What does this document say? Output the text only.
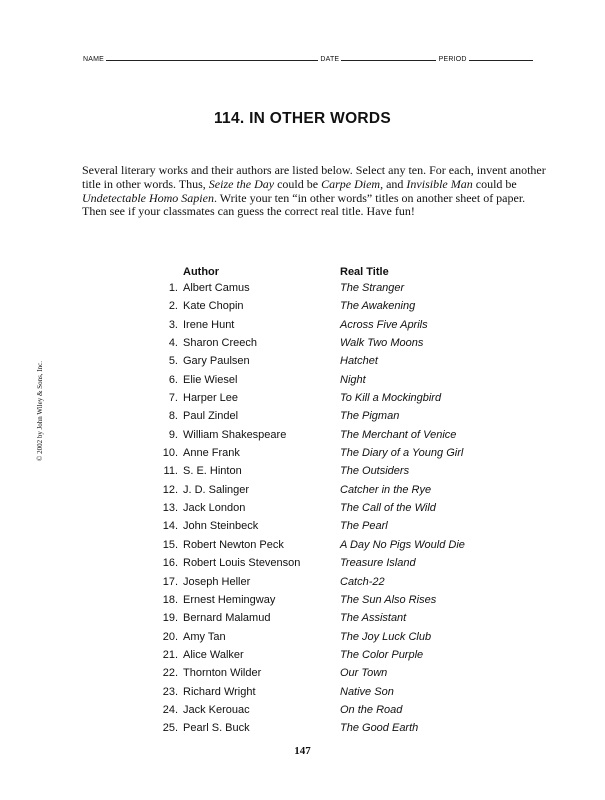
NAME	DATE	PERIOD
114. IN OTHER WORDS
Several literary works and their authors are listed below. Select any ten. For each, invent another title in other words. Thus, Seize the Day could be Carpe Diem, and Invisible Man could be Undetectable Homo Sapien. Write your ten “in other words” titles on another sheet of paper. Then see if your classmates can guess the correct real title. Have fun!
© 2002 by John Wiley & Sons, Inc.
Author	Real Title
1. Albert Camus	The Stranger
2. Kate Chopin	The Awakening
3. Irene Hunt	Across Five Aprils
4. Sharon Creech	Walk Two Moons
5. Gary Paulsen	Hatchet
6. Elie Wiesel	Night
7. Harper Lee	To Kill a Mockingbird
8. Paul Zindel	The Pigman
9. William Shakespeare	The Merchant of Venice
10. Anne Frank	The Diary of a Young Girl
11. S. E. Hinton	The Outsiders
12. J. D. Salinger	Catcher in the Rye
13. Jack London	The Call of the Wild
14. John Steinbeck	The Pearl
15. Robert Newton Peck	A Day No Pigs Would Die
16. Robert Louis Stevenson	Treasure Island
17. Joseph Heller	Catch-22
18. Ernest Hemingway	The Sun Also Rises
19. Bernard Malamud	The Assistant
20. Amy Tan	The Joy Luck Club
21. Alice Walker	The Color Purple
22. Thornton Wilder	Our Town
23. Richard Wright	Native Son
24. Jack Kerouac	On the Road
25. Pearl S. Buck	The Good Earth
147
